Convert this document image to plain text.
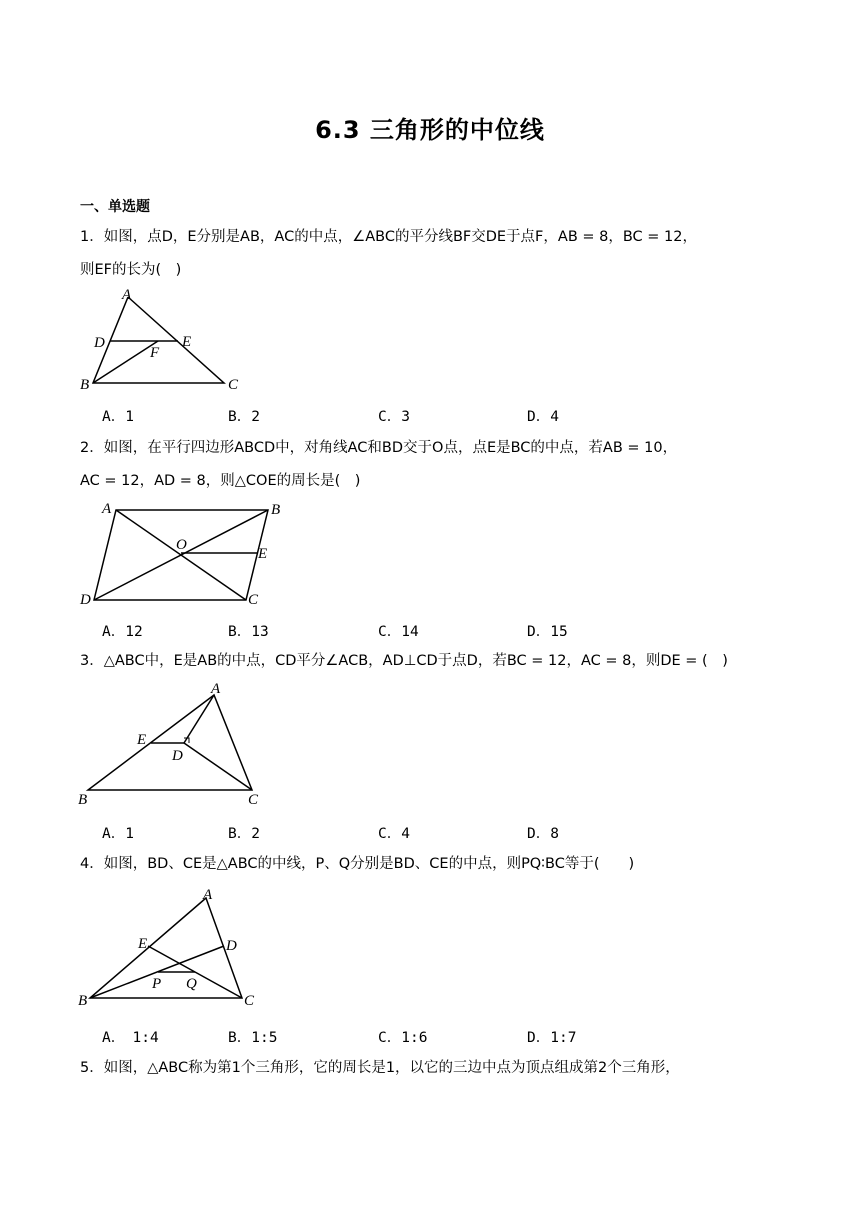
6.3 三角形的中位线
一、单选题
1．如图，点D，E分别是AB，AC的中点，∠ABC的平分线BF交DE于点F，AB = 8，BC = 12，
则EF的长为(　)
A
D	E
F
B	C
A．1	B．2	C．3	D．4
2．如图，在平行四边形ABCD中，对角线AC和BD交于O点，点E是BC的中点，若AB = 10，
AC = 12，AD = 8，则△COE的周长是(　)
A	B
O
E
D	C
A．12	B．13	C．14	D．15
3．△ABC中，E是AB的中点，CD平分∠ACB，AD⊥CD于点D，若BC = 12，AC = 8，则DE = (　)
A
E
D
B	C
A．1	B．2	C．4	D．8
4．如图，BD、CE是△ABC的中线，P、Q分别是BD、CE的中点，则PQ∶BC等于(　　)
A
E	D
P Q
B	C
A．　1:4	B．1:5	C．1:6	D．1:7
5．如图，△ABC称为第1个三角形，它的周长是1，以它的三边中点为顶点组成第2个三角形，
